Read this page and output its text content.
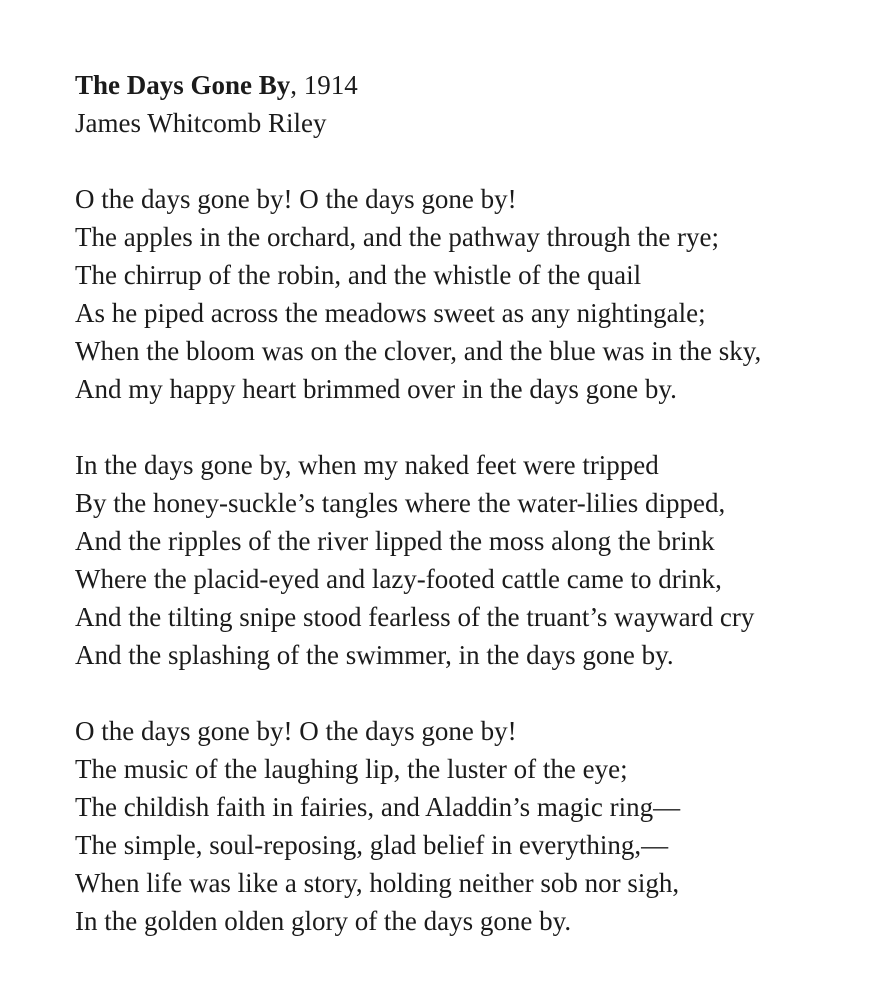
The Days Gone By, 1914
James Whitcomb Riley
O the days gone by! O the days gone by!
The apples in the orchard, and the pathway through the rye;
The chirrup of the robin, and the whistle of the quail
As he piped across the meadows sweet as any nightingale;
When the bloom was on the clover, and the blue was in the sky,
And my happy heart brimmed over in the days gone by.
In the days gone by, when my naked feet were tripped
By the honey-suckle’s tangles where the water-lilies dipped,
And the ripples of the river lipped the moss along the brink
Where the placid-eyed and lazy-footed cattle came to drink,
And the tilting snipe stood fearless of the truant’s wayward cry
And the splashing of the swimmer, in the days gone by.
O the days gone by! O the days gone by!
The music of the laughing lip, the luster of the eye;
The childish faith in fairies, and Aladdin’s magic ring—
The simple, soul-reposing, glad belief in everything,—
When life was like a story, holding neither sob nor sigh,
In the golden olden glory of the days gone by.
